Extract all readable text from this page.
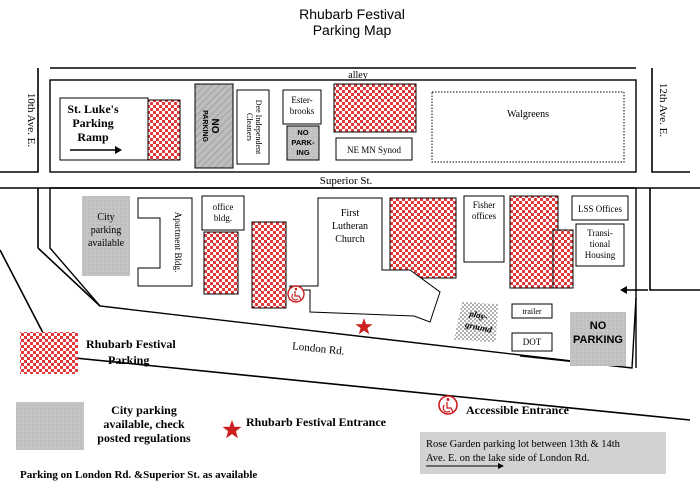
Rhubarb Festival
Parking Map
alley
Superior St.
London Rd.
10th Ave. E.	12th Ave. E.
St. Luke's
Parking
Ramp
NO
PARKING	Dee Independent
Cleaners
Ester-
brooks
NO
PARK-
ING	NE MN Synod
Walgreens
City
parking
available	Apartment Bldg.
office
bldg.	First
Lutheran
Church
Fisher
offices
LSS Offices
Transi-
tional
Housing
play-
ground
trailer
DOT
NO
PARKING
Rhubarb Festival
Parking
City parking
available, check
posted regulations
Rhubarb Festival Entrance
Accessible Entrance
Rose Garden parking lot between 13th & 14th
Ave. E. on the lake side of London Rd.
Parking on London Rd. &Superior St. as available
